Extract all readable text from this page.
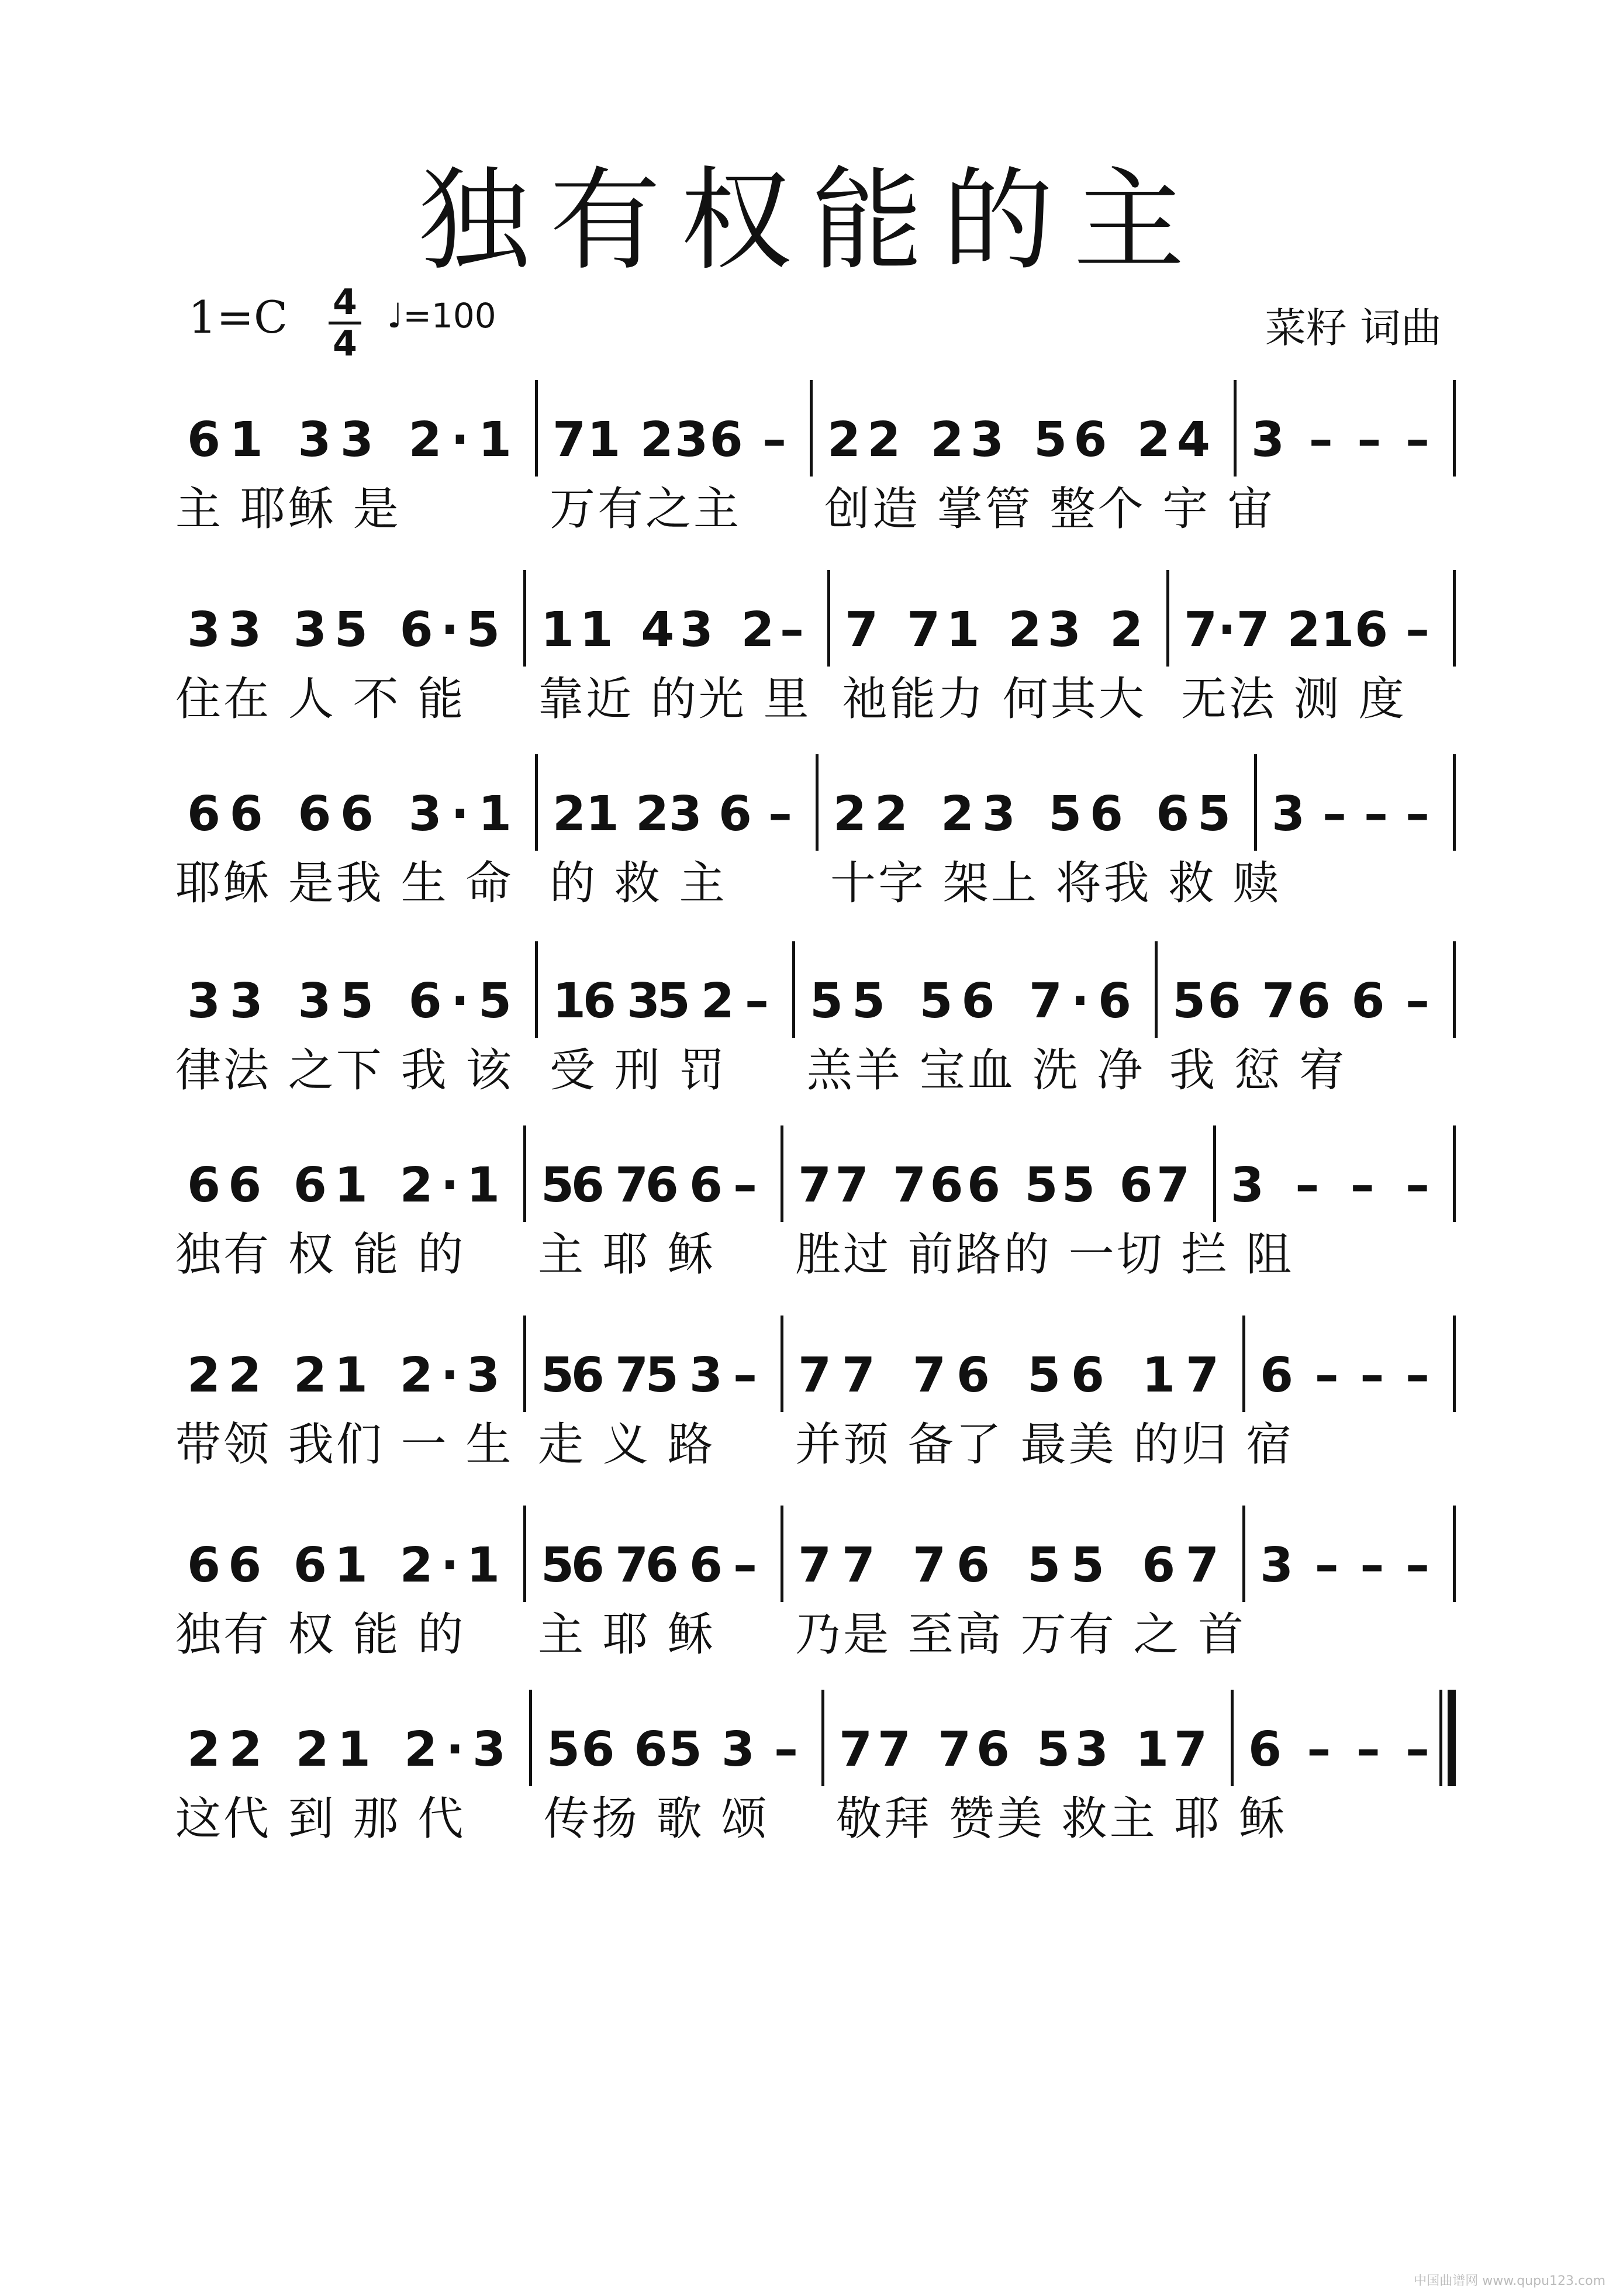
独有权能的主
1=C 4
4
♩=100	菜籽 词曲
61 33 2·1 71 236 – 22 23 56 24 3 – – –
主 耶稣 是	万有之主	创造 掌管 整个 宇 宙
33 35 6·5 11 43 2– 7 71 23 2 7·7 216 –
住在 人 不 能	靠近 的光 里 祂能力 何其大 无法 测 度
66 66 3·1 21 23 6 – 22 23 56 65 3 – – –
耶稣 是我 生 命 的 救 主	十字 架上 将我 救 赎
33 35 6·5 16 35 2 – 55 56 7·6 56 76 6 –
律法 之下 我 该 受 刑 罚	羔羊 宝血 洗 净 我 愆 宥
66 61 2·1 56 76 6 – 77 766 55 67 3 – – –
独有 权 能 的	主 耶 稣	胜过 前路的 一切 拦 阻
22 21 2·3 56 75 3 – 77 76 56 17 6 – – –
带领 我们 一 生 走 义 路	并预 备了 最美 的归 宿
66 61 2·1 56 76 6 – 77 76 55 67 3 – – –
独有 权 能 的	主 耶 稣	乃是 至高 万有 之 首
22 21 2·3 56 65 3 – 77 76 53 17 6 – – –
这代 到 那 代	传扬 歌 颂	敬拜 赞美 救主 耶 稣
中国曲谱网 www.qupu123.com
